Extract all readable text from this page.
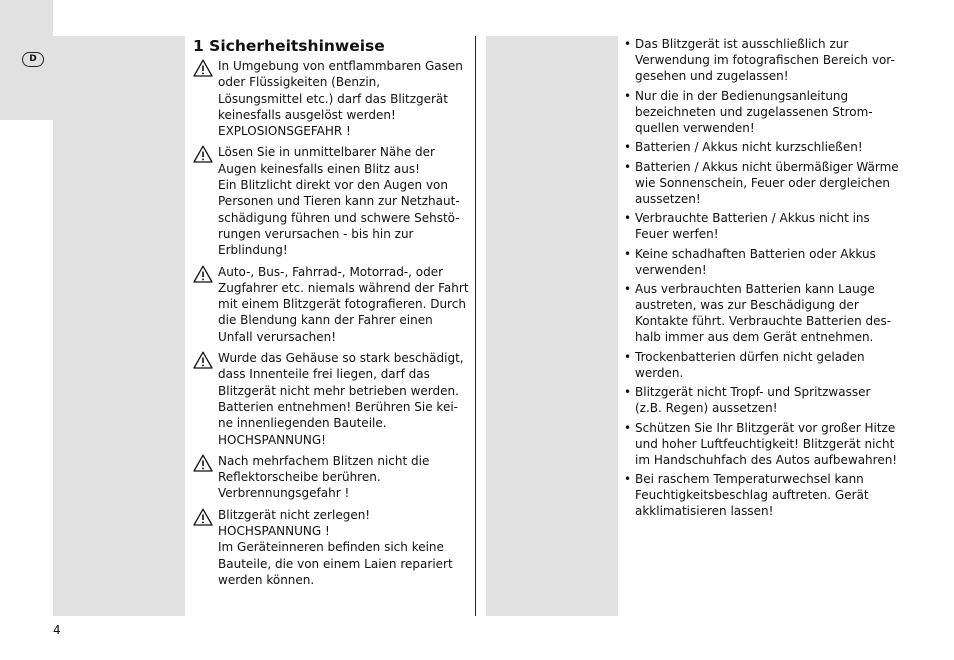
D
1 Sicherheitshinweise
In Umgebung von entflammbaren Gasen
oder Flüssigkeiten (Benzin,
Lösungsmittel etc.) darf das Blitzgerät
keinesfalls ausgelöst werden!
EXPLOSIONSGEFAHR !
Lösen Sie in unmittelbarer Nähe der
Augen keinesfalls einen Blitz aus!
Ein Blitzlicht direkt vor den Augen von
Personen und Tieren kann zur Netzhaut-
schädigung führen und schwere Sehstö-
rungen verursachen - bis hin zur
Erblindung!
Auto-, Bus-, Fahrrad-, Motorrad-, oder
Zugfahrer etc. niemals während der Fahrt
mit einem Blitzgerät fotografieren. Durch
die Blendung kann der Fahrer einen
Unfall verursachen!
Wurde das Gehäuse so stark beschädigt,
dass Innenteile frei liegen, darf das
Blitzgerät nicht mehr betrieben werden.
Batterien entnehmen! Berühren Sie kei-
ne innenliegenden Bauteile.
HOCHSPANNUNG!
Nach mehrfachem Blitzen nicht die
Reflektorscheibe berühren.
Verbrennungsgefahr !
Blitzgerät nicht zerlegen!
HOCHSPANNUNG !
Im Geräteinneren befinden sich keine
Bauteile, die von einem Laien repariert
werden können.
• Das Blitzgerät ist ausschließlich zur
Verwendung im fotografischen Bereich vor-
gesehen und zugelassen!
• Nur die in der Bedienungsanleitung
bezeichneten und zugelassenen Strom-
quellen verwenden!
• Batterien / Akkus nicht kurzschließen!
• Batterien / Akkus nicht übermäßiger Wärme
wie Sonnenschein, Feuer oder dergleichen
aussetzen!
• Verbrauchte Batterien / Akkus nicht ins
Feuer werfen!
• Keine schadhaften Batterien oder Akkus
verwenden!
• Aus verbrauchten Batterien kann Lauge
austreten, was zur Beschädigung der
Kontakte führt. Verbrauchte Batterien des-
halb immer aus dem Gerät entnehmen.
• Trockenbatterien dürfen nicht geladen
werden.
• Blitzgerät nicht Tropf- und Spritzwasser
(z.B. Regen) aussetzen!
• Schützen Sie Ihr Blitzgerät vor großer Hitze
und hoher Luftfeuchtigkeit! Blitzgerät nicht
im Handschuhfach des Autos aufbewahren!
• Bei raschem Temperaturwechsel kann
Feuchtigkeitsbeschlag auftreten. Gerät
akklimatisieren lassen!
4
